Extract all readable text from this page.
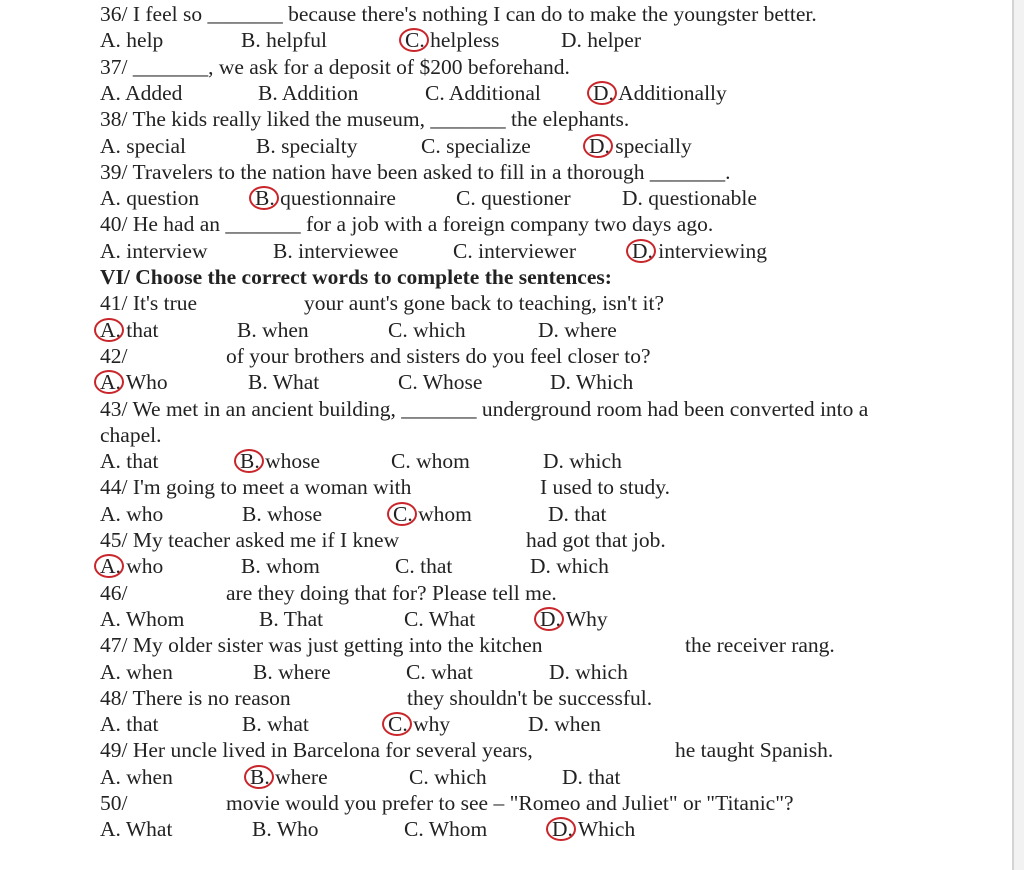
36/ I feel so _______ because there's nothing I can do to make the youngster better.
A. help	B. helpful	C. helpless	D. helper
37/ _______, we ask for a deposit of $200 beforehand.
A. Added	B. Addition	C. Additional D. Additionally
38/ The kids really liked the museum, _______ the elephants.
A. special	B. specialty	C. specialize	D. specially
39/ Travelers to the nation have been asked to fill in a thorough _______.
A. question	B. questionnaire	C. questioner D. questionable
40/ He had an _______ for a job with a foreign company two days ago.
A. interview	B. interviewee	C. interviewer	D. interviewing
VI/ Choose the correct words to complete the sentences:
41/ It's true	your aunt's gone back to teaching, isn't it?
A. that	B. when	C. which	D. where
42/	of your brothers and sisters do you feel closer to?
A. Who	B. What	C. Whose	D. Which
43/ We met in an ancient building, _______ underground room had been converted into a
chapel.
A. that	B. whose	C. whom	D. which
44/ I'm going to meet a woman with	I used to study.
A. who	B. whose	C. whom	D. that
45/ My teacher asked me if I knew	had got that job.
A. who	B. whom	C. that	D. which
46/	are they doing that for? Please tell me.
A. Whom	B. That	C. What	D. Why
47/ My older sister was just getting into the kitchen	the receiver rang.
A. when	B. where	C. what	D. which
48/ There is no reason	they shouldn't be successful.
A. that	B. what	C. why	D. when
49/ Her uncle lived in Barcelona for several years,	he taught Spanish.
A. when	B. where	C. which	D. that
50/	movie would you prefer to see – "Romeo and Juliet" or "Titanic"?
A. What	B. Who	C. Whom	D. Which
